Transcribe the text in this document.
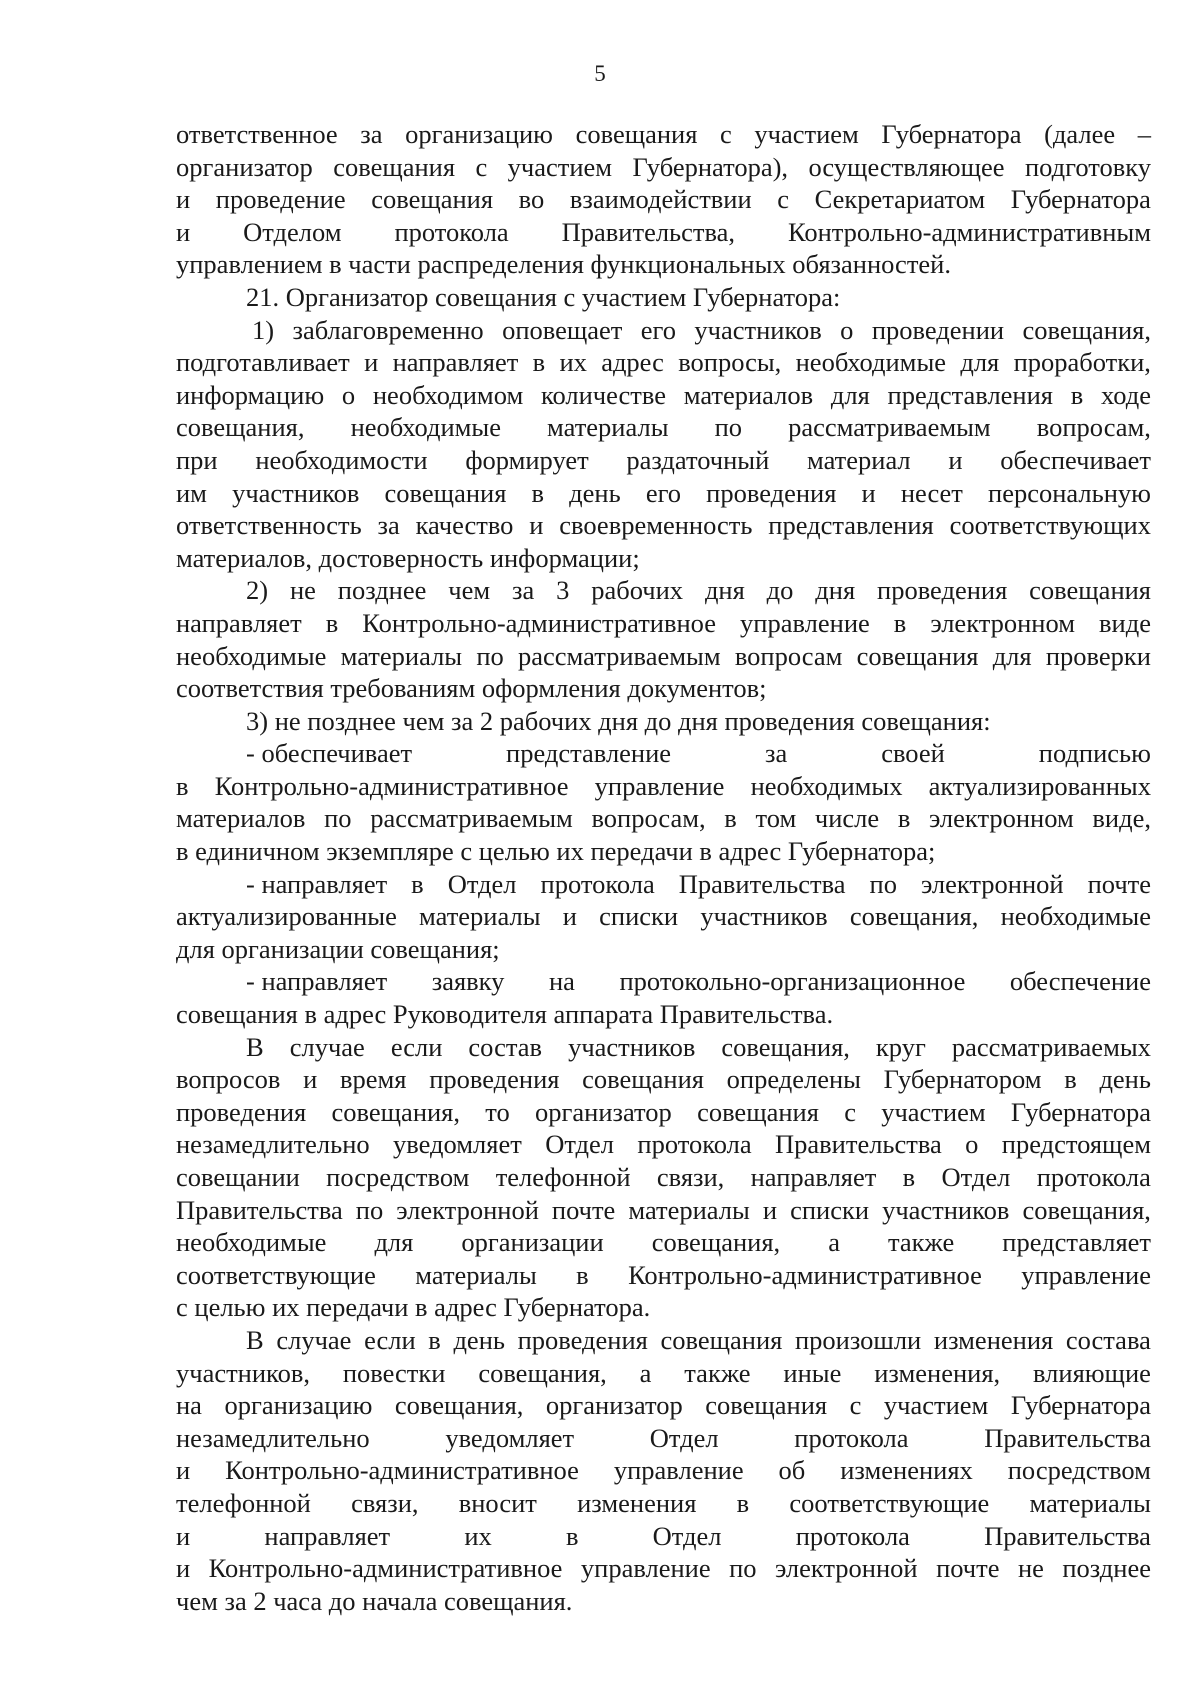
5
ответственное за организацию совещания с участием Губернатора (далее –
организатор совещания с участием Губернатора), осуществляющее подготовку
и проведение совещания во взаимодействии с Секретариатом Губернатора
и Отделом протокола Правительства, Контрольно-административным
управлением в части распределения функциональных обязанностей.
21. Организатор совещания с участием Губернатора:
1) заблаговременно оповещает его участников о проведении совещания,
подготавливает и направляет в их адрес вопросы, необходимые для проработки,
информацию о необходимом количестве материалов для представления в ходе
совещания, необходимые материалы по рассматриваемым вопросам,
при необходимости формирует раздаточный материал и обеспечивает
им участников совещания в день его проведения и несет персональную
ответственность за качество и своевременность представления соответствующих
материалов, достоверность информации;
2) не позднее чем за 3 рабочих дня до дня проведения совещания
направляет в Контрольно-административное управление в электронном виде
необходимые материалы по рассматриваемым вопросам совещания для проверки
соответствия требованиям оформления документов;
3) не позднее чем за 2 рабочих дня до дня проведения совещания:
- обеспечивает	представление	за	своей	подписью
в Контрольно-административное управление необходимых актуализированных
материалов по рассматриваемым вопросам, в том числе в электронном виде,
в единичном экземпляре с целью их передачи в адрес Губернатора;
- направляет в Отдел протокола Правительства по электронной почте
актуализированные материалы и списки участников совещания, необходимые
для организации совещания;
- направляет заявку на протокольно-организационное обеспечение
совещания в адрес Руководителя аппарата Правительства.
В случае если состав участников совещания, круг рассматриваемых
вопросов и время проведения совещания определены Губернатором в день
проведения совещания, то организатор совещания с участием Губернатора
незамедлительно уведомляет Отдел протокола Правительства о предстоящем
совещании посредством телефонной связи, направляет в Отдел протокола
Правительства по электронной почте материалы и списки участников совещания,
необходимые для организации совещания, а также представляет
соответствующие материалы в Контрольно-административное управление
с целью их передачи в адрес Губернатора.
В случае если в день проведения совещания произошли изменения состава
участников, повестки совещания, а также иные изменения, влияющие
на организацию совещания, организатор совещания с участием Губернатора
незамедлительно	уведомляет	Отдел	протокола	Правительства
и Контрольно-административное управление об изменениях посредством
телефонной связи, вносит изменения в соответствующие материалы
и	направляет	их	в	Отдел	протокола	Правительства
и Контрольно-административное управление по электронной почте не позднее
чем за 2 часа до начала совещания.
